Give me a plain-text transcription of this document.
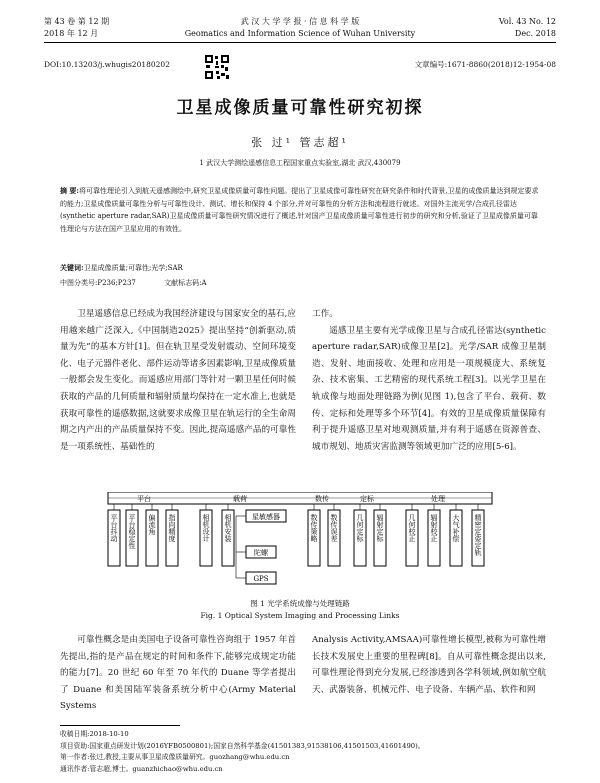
第 43 卷 第 12 期
2018 年 12 月
武 汉 大 学 学 报 · 信 息 科 学 版
Geomatics and Information Science of Wuhan University
Vol. 43 No. 12
Dec. 2018
DOI:10.13203/j.whugis20180202	文章编号:1671-8860(2018)12-1954-08
卫星成像质量可靠性研究初探
张 过¹ 管志超¹
1 武汉大学测绘遥感信息工程国家重点实验室,湖北 武汉,430079
摘 要:将可靠性理论引入到航天遥感测绘中,研究卫星成像质量可靠性问题。提出了卫星成像可靠性研究在研究条件和时代背景,卫星的成像质量达到规定要求的能力;卫星成像质量可靠性分析与可靠性设计、测试、增长和保持 4 个部分,并对可靠性的分析方法和流程进行就述。对国外主流光学/合成孔径雷达(synthetic aperture radar,SAR)卫星成像质量可靠性研究情况进行了概述,针对国产卫星成像质量可靠性进行初步的研究和分析,验证了卫星成像质量可靠性理论与方法在国产卫星应用的有效性。
关键词:卫星成像质量;可靠性;光学;SAR
中图分类号:P236;P237	文献标志码:A

卫星遥感信息已经成为我国经济建设与国家安全的基石,应用越来越广泛深入,《中国制造2025》提出坚持“创新驱动,质量为先”的基本方针[1]。但在轨卫星受发射震动、空间环境变化、电子元器件老化、部件运动等诸多因素影响,卫星成像质量一般都会发生变化。而遥感应用部门等针对一颗卫星任何时候获取的产品的几何质量和辐射质量均保持在一定水准上,也就是获取可靠性的遥感数据,这就要求成像卫星在轨运行的全生命周期之内产出的产品质量保持不变。因此,提高遥感产品的可靠性是一项系统性、基础性的

工作。

遥感卫星主要有光学成像卫星与合成孔径雷达(synthetic aperture radar,SAR)成像卫星[2]。光学/SAR 成像卫星制造、发射、地面接收、处理和应用是一项规模庞大、系统复杂、技术密集、工艺精密的现代系统工程[3]。以光学卫星在轨成像与地面处理链路为例(见图 1),包含了平台、载荷、数传、定标和处理等多个环节[4]。有效的卫星成像质量保障有利于提升遥感卫星对地观测质量,并有利于遥感在资源普查、城市规划、地质灾害监测等领域更加广泛的应用[5-6]。

平台	载荷	数传	定标	处理
平台抖动 平台稳定性 偏流角 指向精度	相机设计 相机安装	星敏感器
陀螺
GPS
数传策略 数传误差	几何定标 辐射定标	几何校正 辐射校正 大气补偿 精密定姿定轨
图 1 光学系统成像与处理链路
Fig. 1 Optical System Imaging and Processing Links

可靠性概念是由美国电子设备可靠性咨询组于 1957 年首先提出,指的是产品在规定的时间和条件下,能够完成规定功能的能力[7]。20 世纪 60 年至 70 年代的 Duane 等学者提出了 Duane 和美国陆军装备系统分析中心(Army Material Systems

Analysis Activity,AMSAA)可靠性增长模型,被称为可靠性增长技术发展史上重要的里程碑[8]。自从可靠性概念提出以来,可靠性理论得到充分发展,已经渗透到各学科领域,例如航空航天、武器装备、机械元件、电子设备、车辆产品、软件和网

收稿日期:2018-10-10
项目资助:国家重点研发计划(2016YFB0500801);国家自然科学基金(41501383,91538106,41501503,41601490)。
第一作者:张过,教授,主要从事卫星成像质量研究。guozhang@whu.edu.cn
通讯作者:管志超,博士。guanzhichao@whu.edu.cn
